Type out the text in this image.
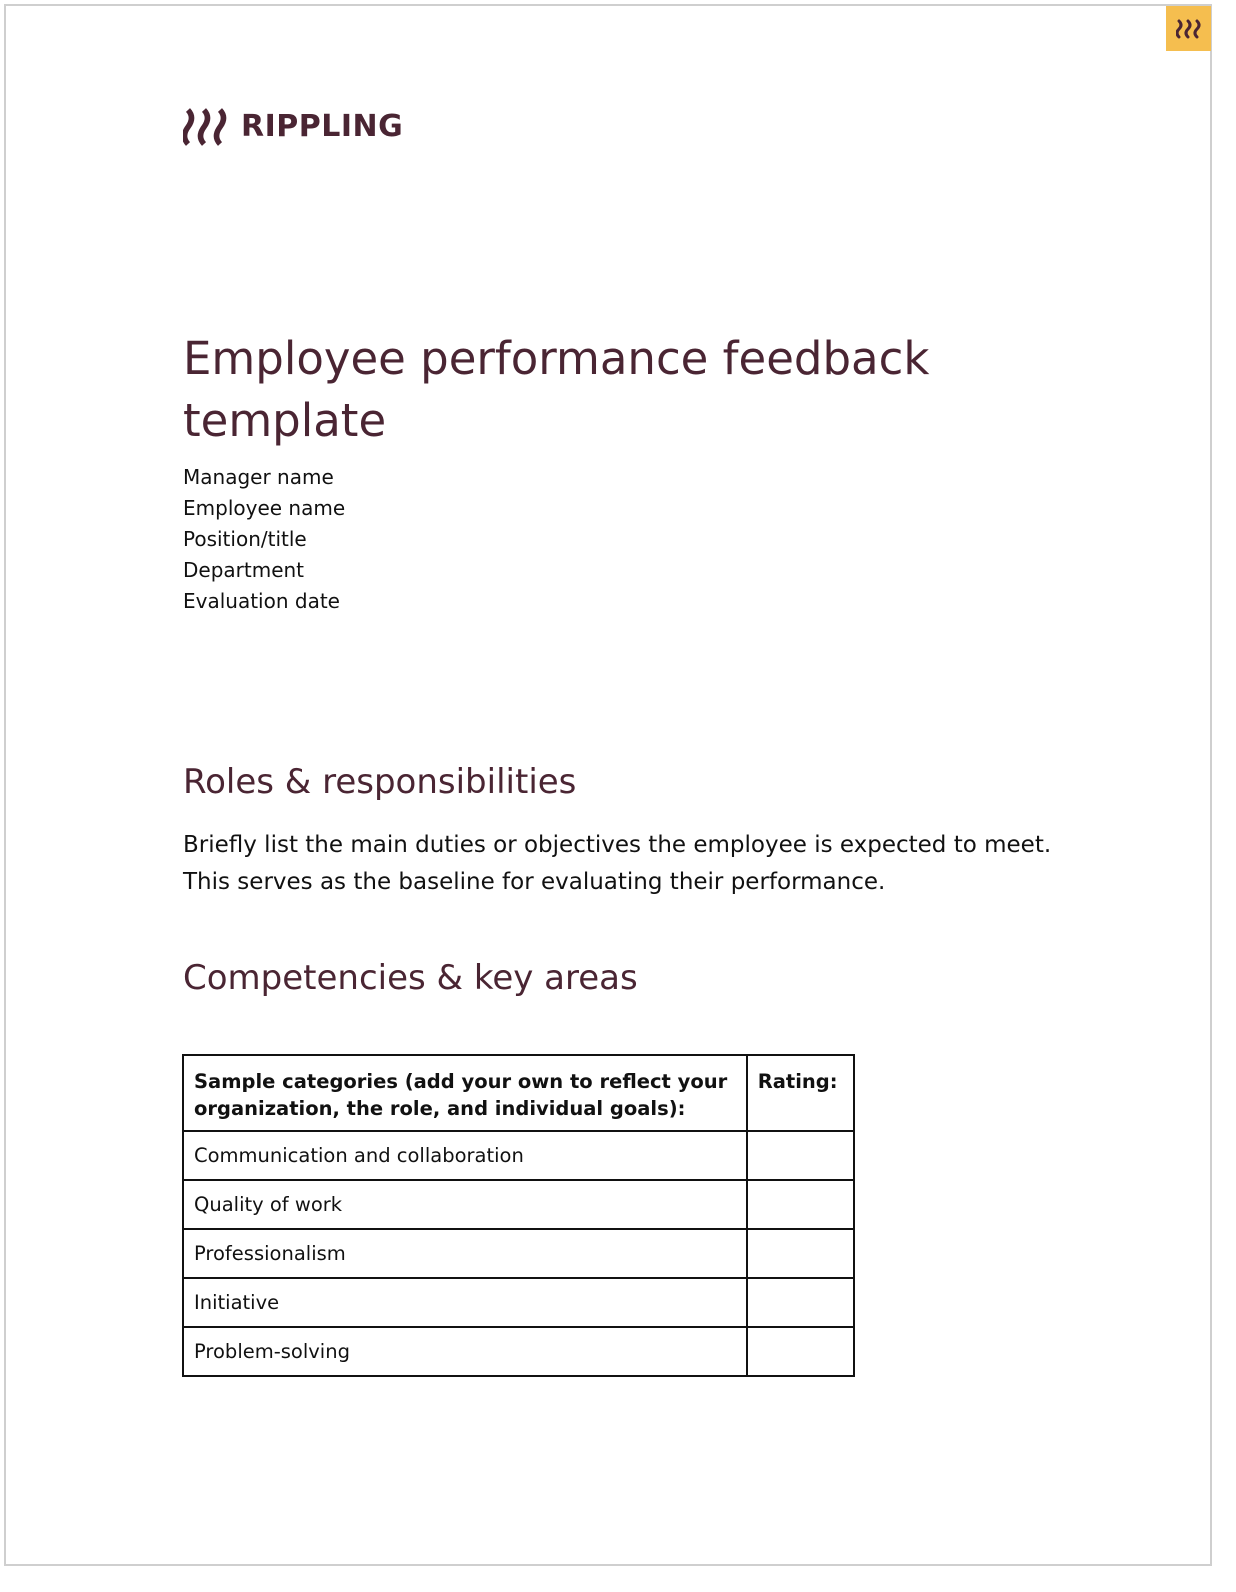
RIPPLING
Employee performance feedback template
Manager name
Employee name
Position/title
Department
Evaluation date
Roles & responsibilities

Briefly list the main duties or objectives the employee is expected to meet. This serves as the baseline for evaluating their performance.

Competencies & key areas
Sample categories (add your own to reflect your organization, the role, and individual goals):	Rating:
Communication and collaboration	
Quality of work	
Professionalism	
Initiative	
Problem-solving	
